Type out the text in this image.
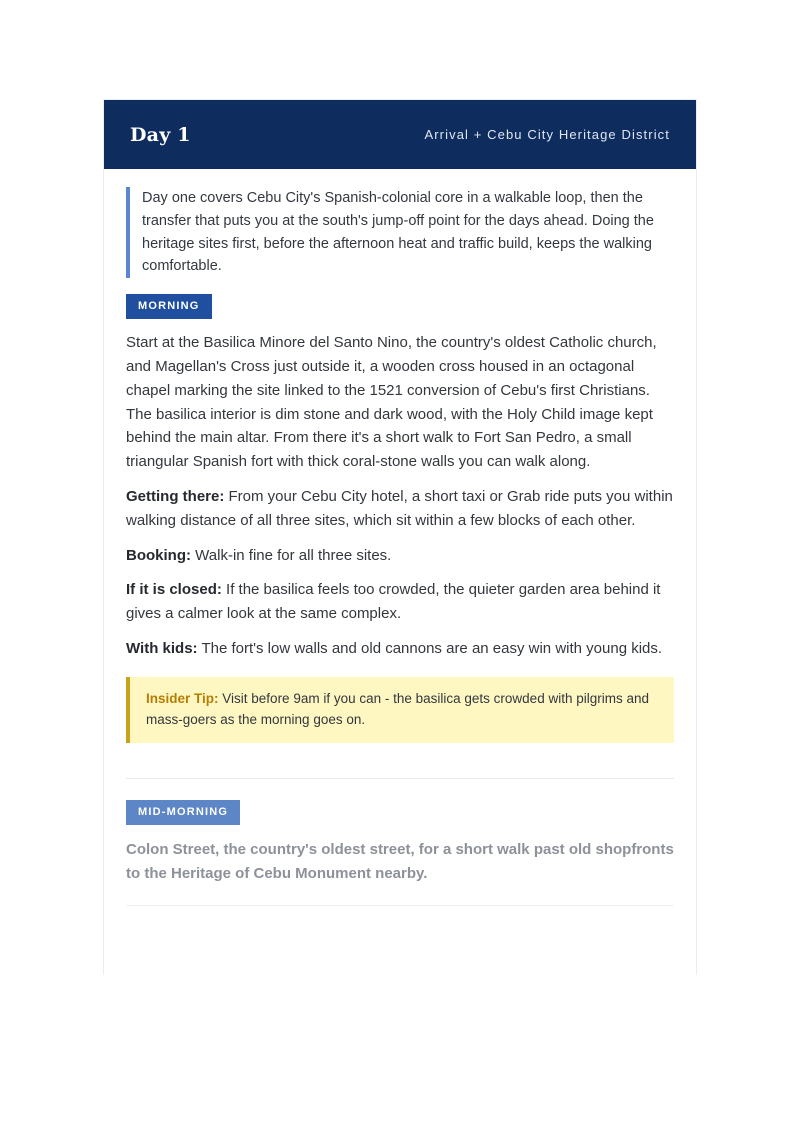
Day 1	Arrival + Cebu City Heritage District
Day one covers Cebu City's Spanish-colonial core in a walkable loop, then the transfer that puts you at the south's jump-off point for the days ahead. Doing the heritage sites first, before the afternoon heat and traffic build, keeps the walking comfortable.
MORNING

Start at the Basilica Minore del Santo Nino, the country's oldest Catholic church, and Magellan's Cross just outside it, a wooden cross housed in an octagonal chapel marking the site linked to the 1521 conversion of Cebu's first Christians. The basilica interior is dim stone and dark wood, with the Holy Child image kept behind the main altar. From there it's a short walk to Fort San Pedro, a small triangular Spanish fort with thick coral-stone walls you can walk along.

Getting there: From your Cebu City hotel, a short taxi or Grab ride puts you within walking distance of all three sites, which sit within a few blocks of each other.

Booking: Walk-in fine for all three sites.

If it is closed: If the basilica feels too crowded, the quieter garden area behind it gives a calmer look at the same complex.

With kids: The fort's low walls and old cannons are an easy win with young kids.

Insider Tip: Visit before 9am if you can - the basilica gets crowded with pilgrims and mass-goers as the morning goes on.
MID-MORNING

Colon Street, the country's oldest street, for a short walk past old shopfronts to the Heritage of Cebu Monument nearby.
